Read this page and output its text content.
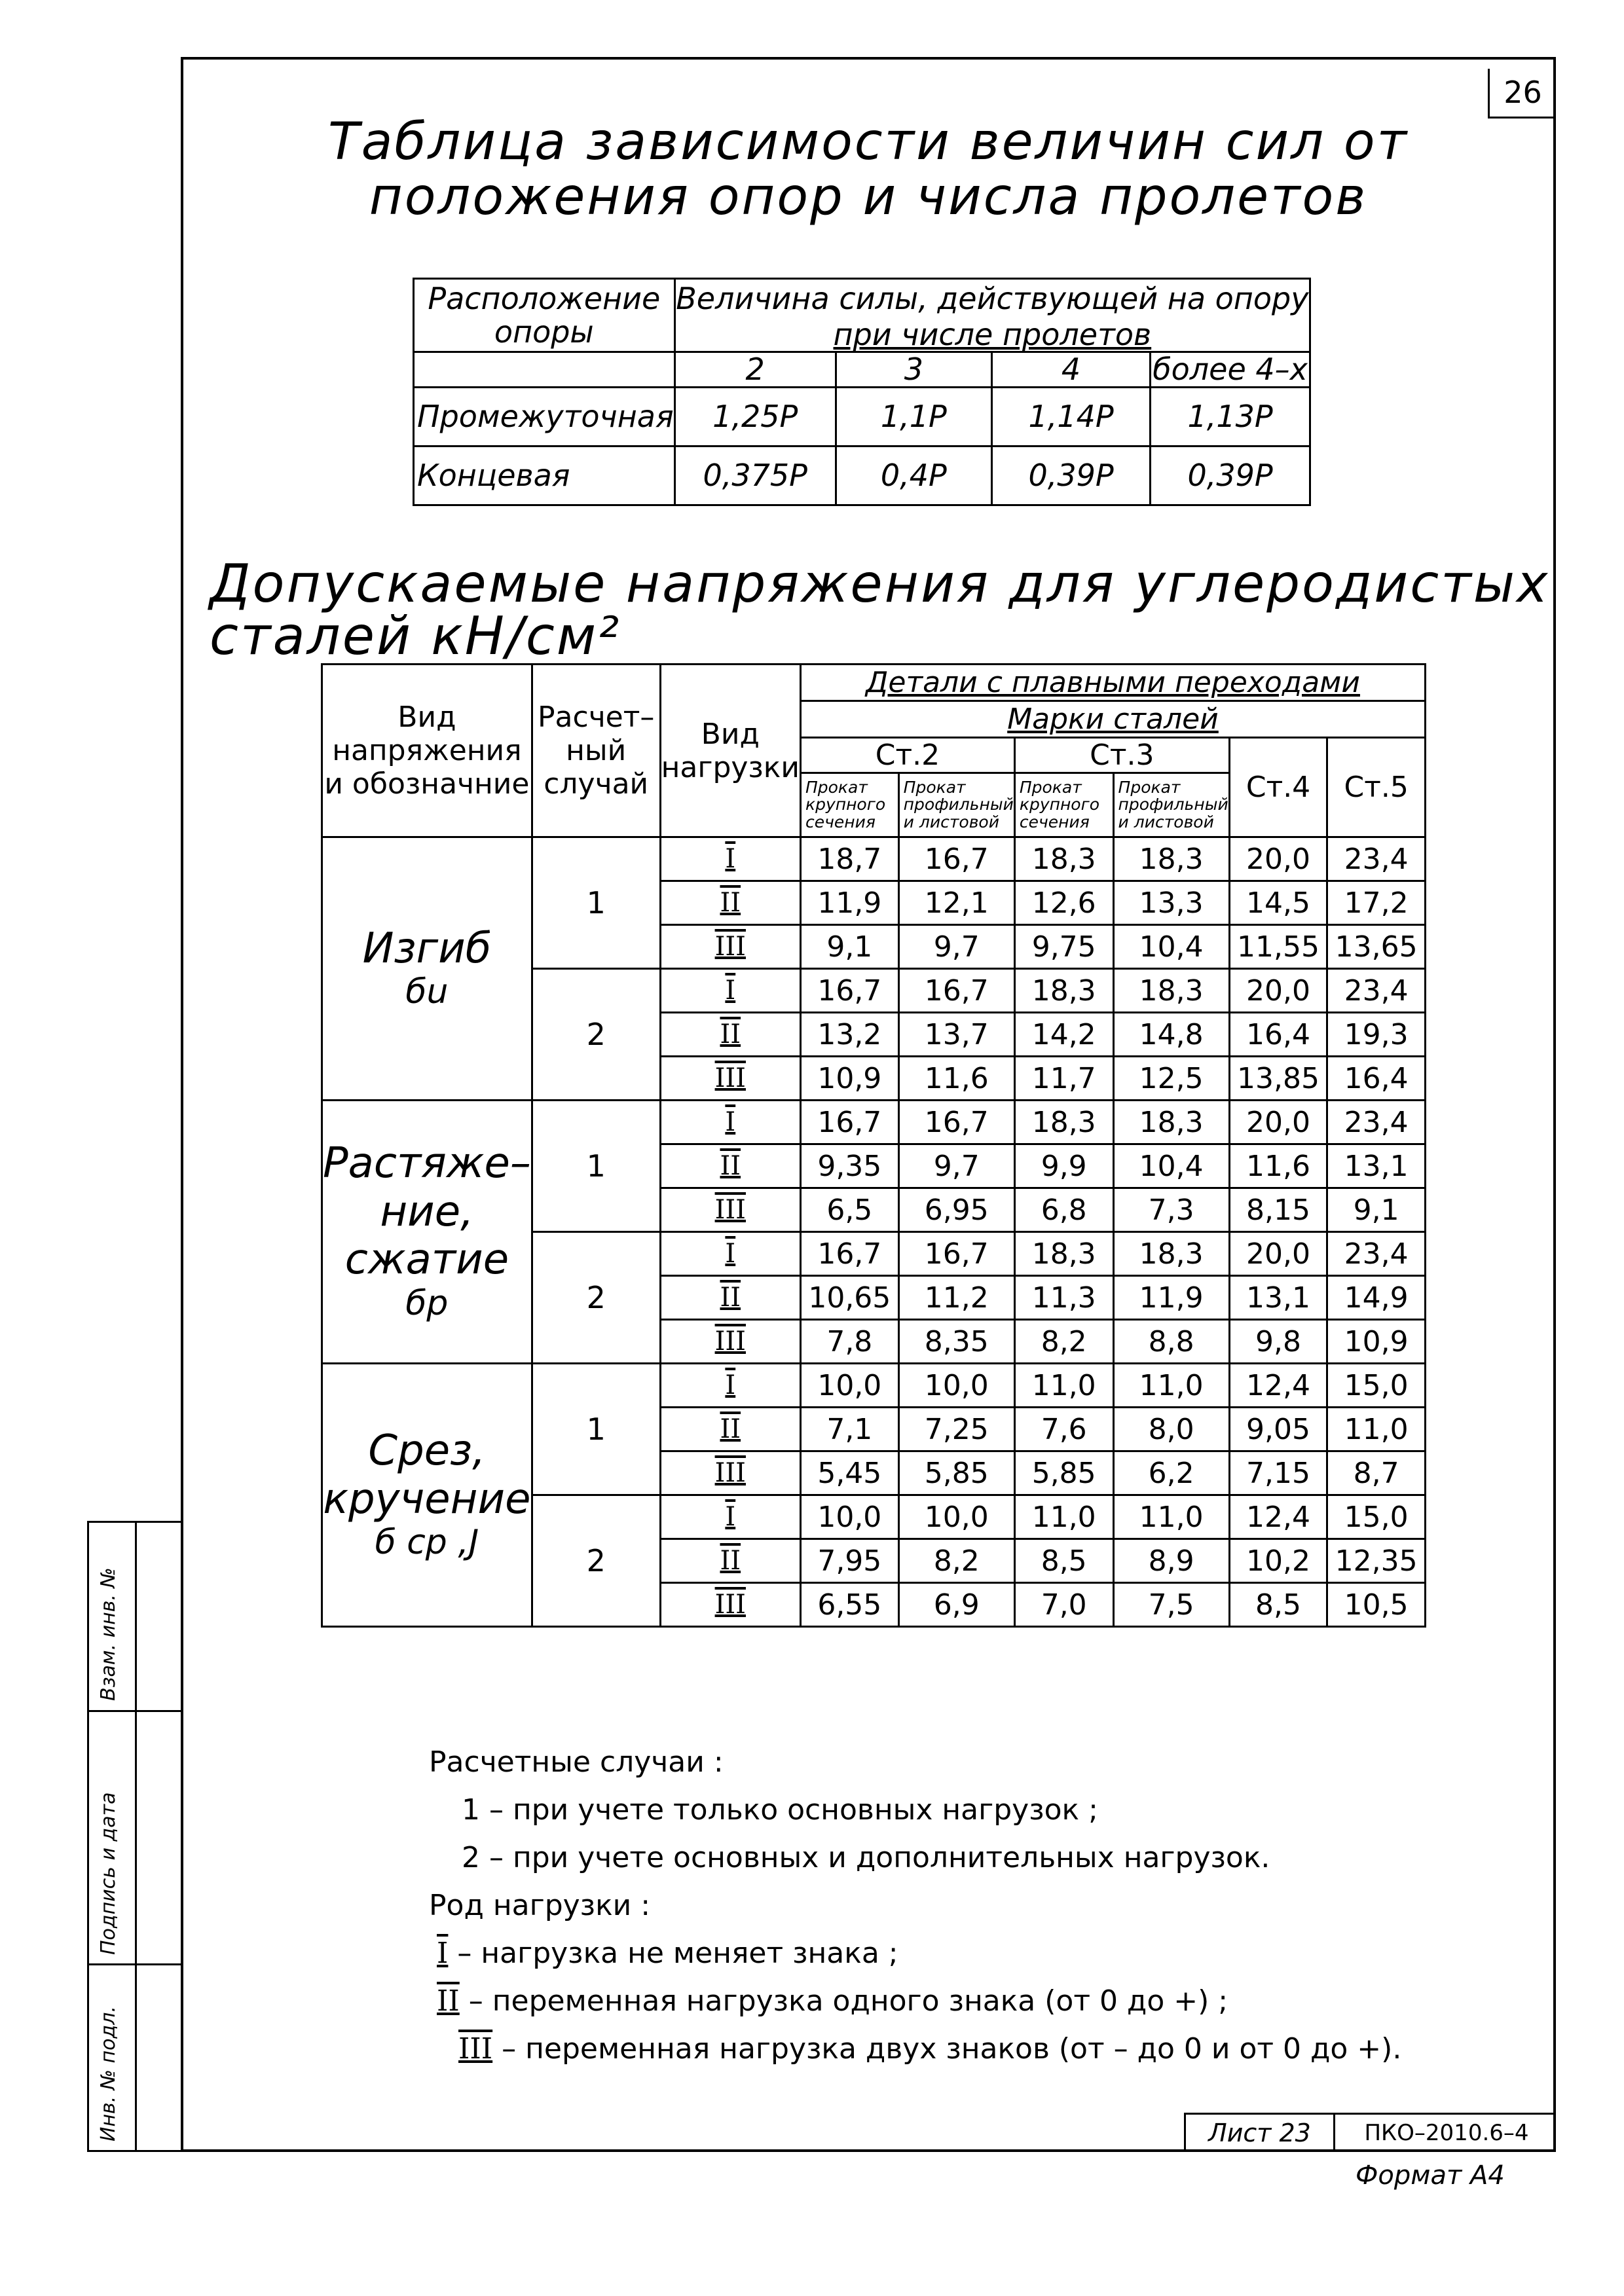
26
Таблица зависимости величин сил от
положения опор и числа пролетов
Расположение опоры	Величина силы, действующей на опору			
	при числе пролетов			
	2	3	4	более 4–х
Промежуточная	1,25P	1,1P	1,14P	1,13P
Концевая	0,375P	0,4P	0,39P	0,39P
Допускаемые напряжения для углеродистых сталей кН/см²
Вид напряжения и обозначние	Расчет– ный случай	Вид нагрузки	Детали с плавными переходами					
			Марки сталей					
			Ст.2		Ст.3		Ст.4	Ст.5
			Прокат крупного сечения	Прокат профильный и листовой	Прокат крупного сечения	Прокат профильный и листовой		

Изгиб
бu	1	I	18,7	16,7	18,3	18,3	20,0	23,4
		II	11,9	12,1	12,6	13,3	14,5	17,2
		III	9,1	9,7	9,75	10,4	11,55	13,65
	2	I	16,7	16,7	18,3	18,3	20,0	23,4
		II	13,2	13,7	14,2	14,8	16,4	19,3
		III	10,9	11,6	11,7	12,5	13,85	16,4

Растяже– ние, сжатие
бp	1	I	16,7	16,7	18,3	18,3	20,0	23,4
		II	9,35	9,7	9,9	10,4	11,6	13,1
		III	6,5	6,95	6,8	7,3	8,15	9,1
	2	I	16,7	16,7	18,3	18,3	20,0	23,4
		II	10,65	11,2	11,3	11,9	13,1	14,9
		III	7,8	8,35	8,2	8,8	9,8	10,9

Срез, кручение
б cp ,J	1	I	10,0	10,0	11,0	11,0	12,4	15,0
		II	7,1	7,25	7,6	8,0	9,05	11,0
		III	5,45	5,85	5,85	6,2	7,15	8,7
	2	I	10,0	10,0	11,0	11,0	12,4	15,0
		II	7,95	8,2	8,5	8,9	10,2	12,35
		III	6,55	6,9	7,0	7,5	8,5	10,5
Расчетные случаи :
1 – при учете только основных нагрузок ;
2 – при учете основных и дополнительных нагрузок.
Род нагрузки :
I – нагрузка не меняет знака ;
II – переменная нагрузка одного знака (от 0 до +) ;
III – переменная нагрузка двух знаков (от – до 0 и от 0 до +).
Взам. инв. №
Подпись и дата
Инв. № подл.	Лист 23	ПКО–2010.6–4
Формат А4
